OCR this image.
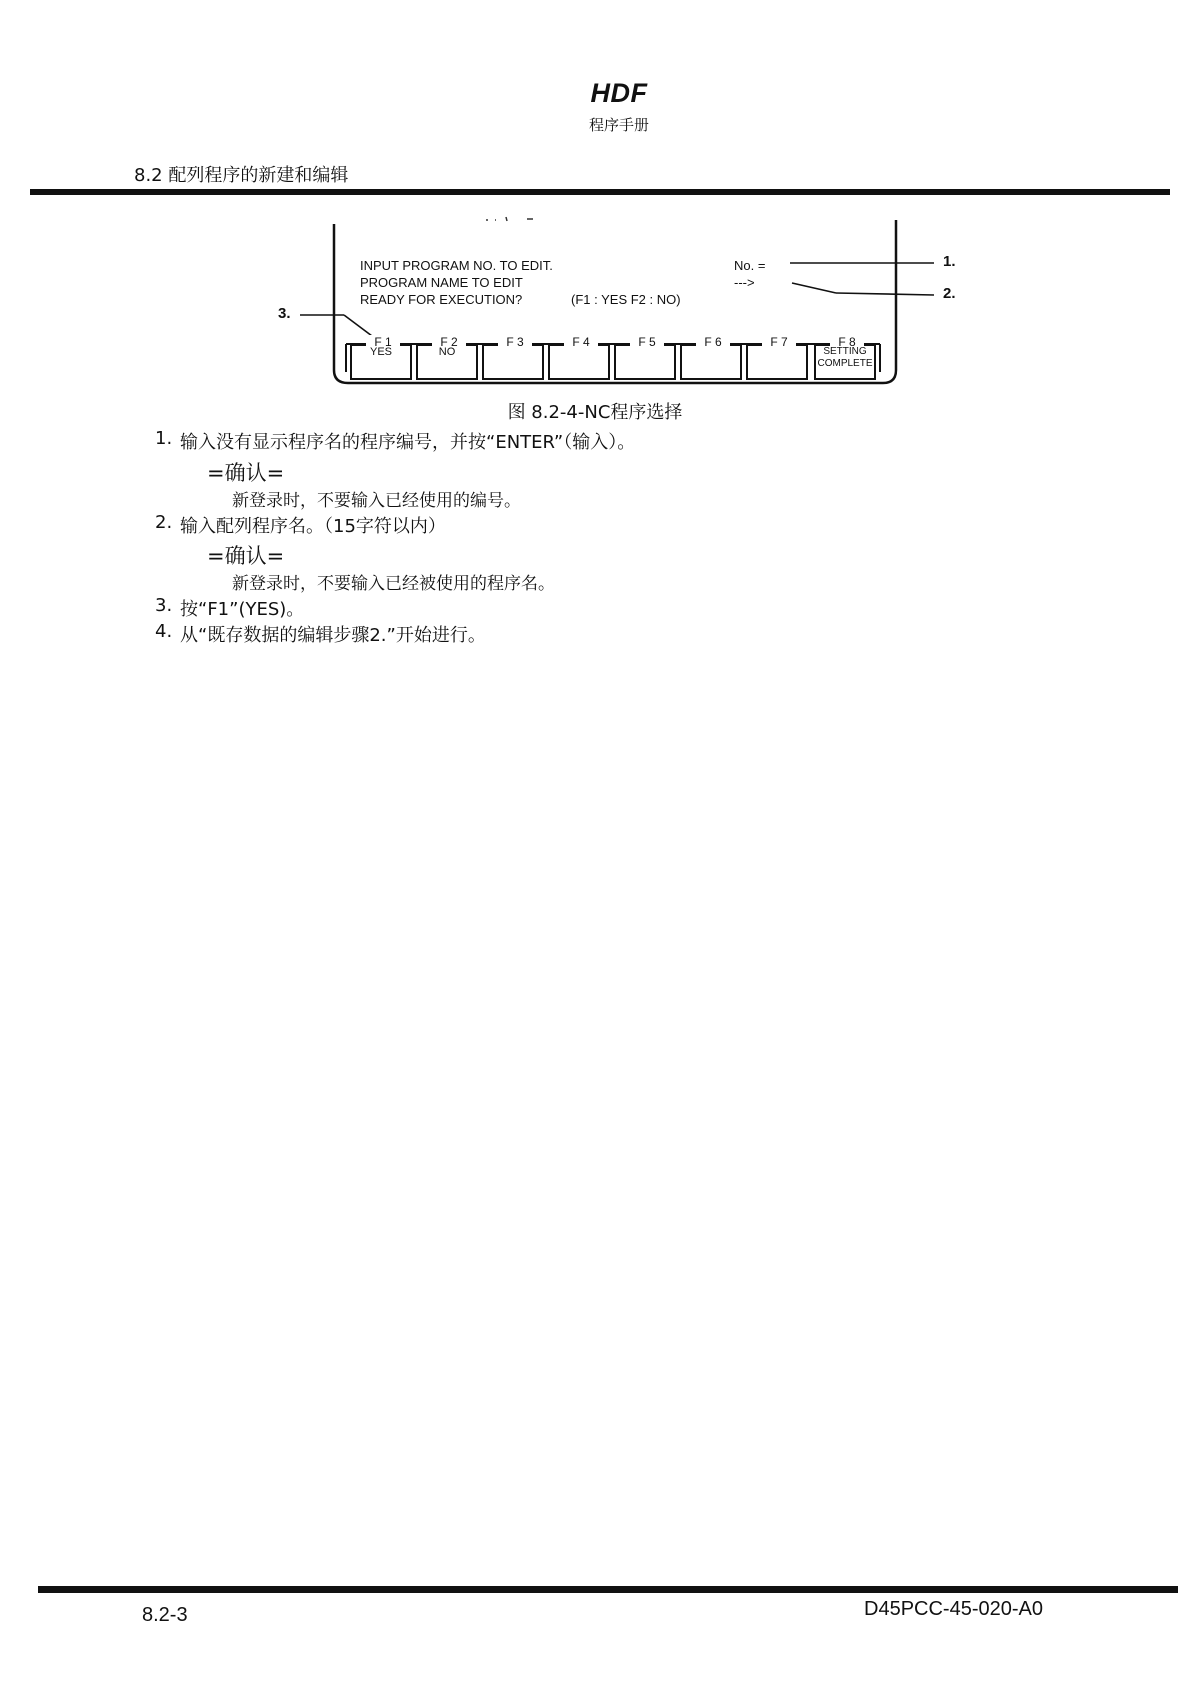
HDF
程序手册
8.2 配列程序的新建和编辑
INPUT PROGRAM NO. TO EDIT.
PROGRAM NAME TO EDIT
READY FOR EXECUTION?	(F1 : YES F2 : NO)
No. =
--->
1.
2.
3.
F 1
YES
F 2
NO
F 3	F 4	F 5	F 6	F 7	F 8
SETTING
COMPLETE
图 8.2-4-NC程序选择
1. 输入没有显示程序名的程序编号，并按“ENTER”（输入）。
=确认=
新登录时，不要输入已经使用的编号。
2. 输入配列程序名。（15字符以内）
=确认=
新登录时，不要输入已经被使用的程序名。
3. 按“F1”(YES)。
4. 从“既存数据的编辑步骤2.”开始进行。
8.2-3	D45PCC-45-020-A0
